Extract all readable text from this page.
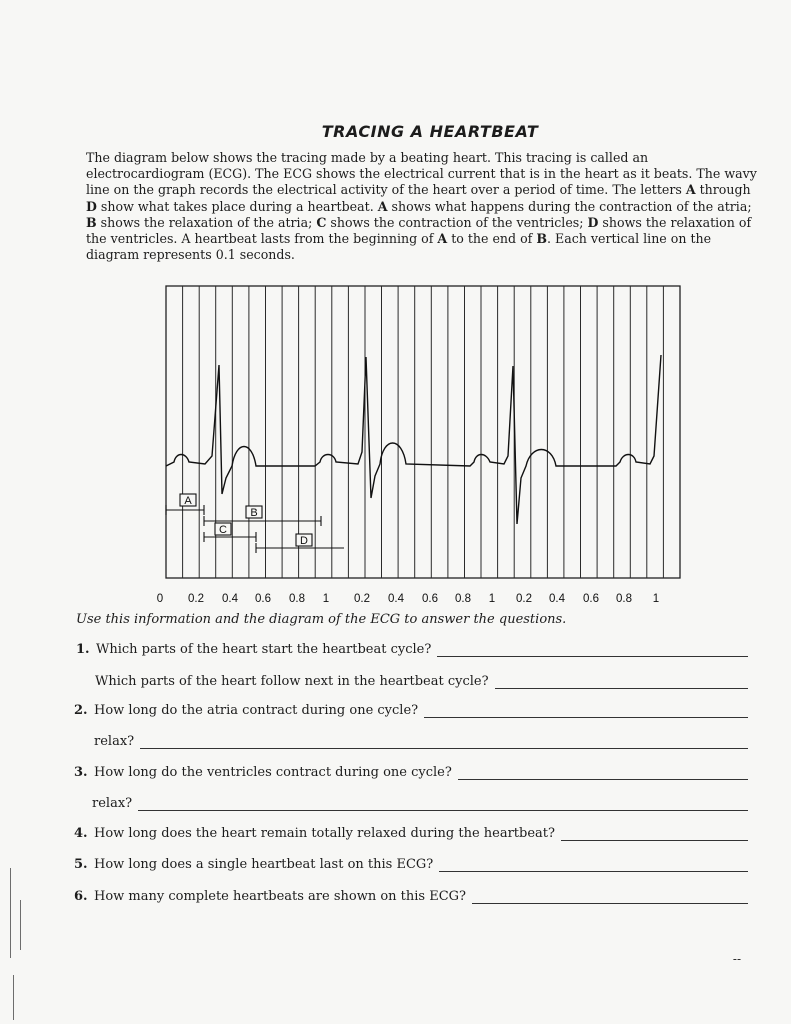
TRACING A HEARTBEAT

The diagram below shows the tracing made by a beating heart. This tracing is called an electrocardiogram (ECG). The ECG shows the electrical current that is in the heart as it beats. The wavy line on the graph records the electrical activity of the heart over a period of time. The letters A through D show what takes place during a heartbeat. A shows what happens during the contraction of the atria; B shows the relaxation of the atria; C shows the contraction of the ventricles; D shows the relaxation of the ventricles. A heartbeat lasts from the beginning of A to the end of B. Each vertical line on the diagram represents 0.1 seconds.

A
B
C
D
0 0.2 0.4 0.6 0.8 1 0.2 0.4 0.6 0.8 1 0.2 0.4 0.6 0.8 1
Use this information and the diagram of the ECG to answer the questions.
1. Which parts of the heart start the heartbeat cycle?
Which parts of the heart follow next in the heartbeat cycle?
2. How long do the atria contract during one cycle?
relax?
3. How long do the ventricles contract during one cycle?
relax?
4. How long does the heart remain totally relaxed during the heartbeat?
5. How long does a single heartbeat last on this ECG?
6. How many complete heartbeats are shown on this ECG?
--
